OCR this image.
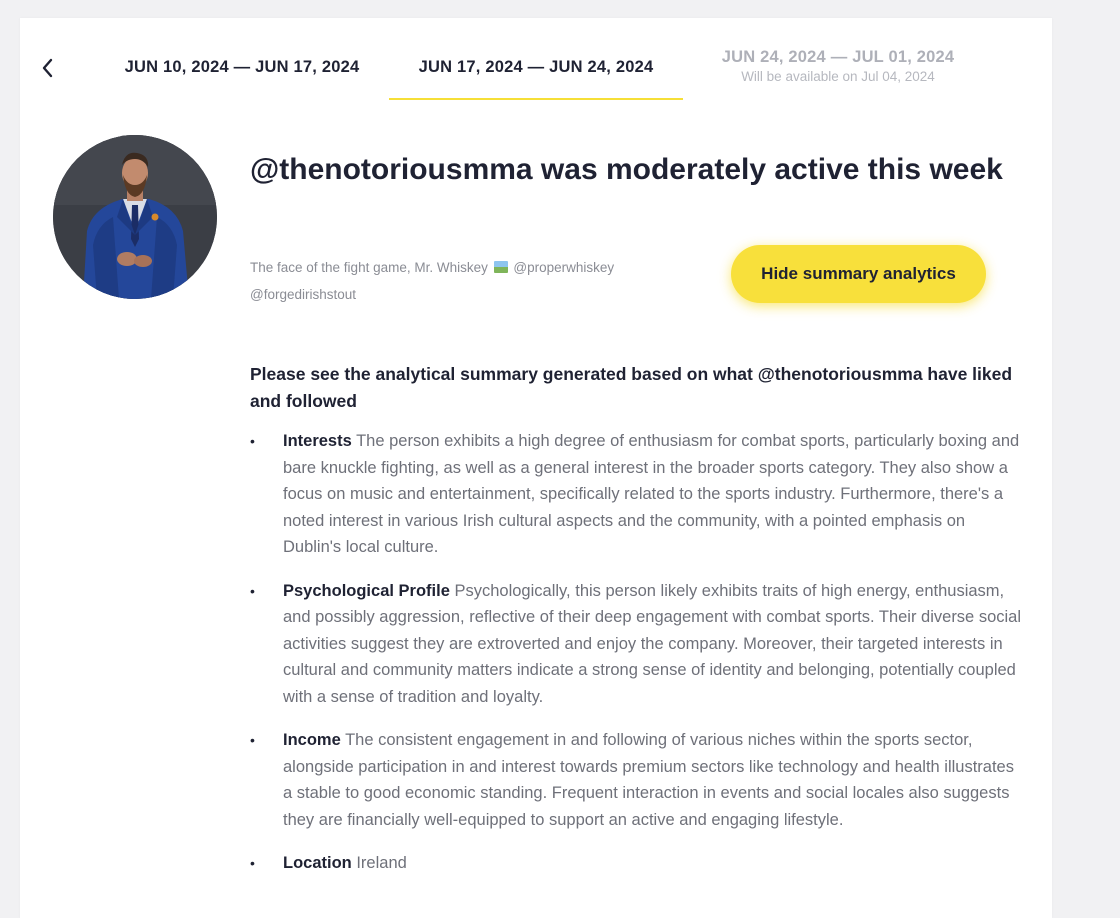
JUN 10, 2024 — JUN 17, 2024	JUN 17, 2024 — JUN 24, 2024
JUN 24, 2024 — JUL 01, 2024
Will be available on Jul 04, 2024
@thenotoriousmma was moderately active this week
The face of the fight game, Mr. Whiskey @properwhiskey @forgedirishstout
Hide summary analytics

Please see the analytical summary generated based on what @thenotoriousmma have liked and followed

• Interests The person exhibits a high degree of enthusiasm for combat sports, particularly boxing and bare knuckle fighting, as well as a general interest in the broader sports category. They also show a focus on music and entertainment, specifically related to the sports industry. Furthermore, there's a noted interest in various Irish cultural aspects and the community, with a pointed emphasis on Dublin's local culture.
• Psychological Profile Psychologically, this person likely exhibits traits of high energy, enthusiasm, and possibly aggression, reflective of their deep engagement with combat sports. Their diverse social activities suggest they are extroverted and enjoy the company. Moreover, their targeted interests in cultural and community matters indicate a strong sense of identity and belonging, potentially coupled with a sense of tradition and loyalty.
• Income The consistent engagement in and following of various niches within the sports sector, alongside participation in and interest towards premium sectors like technology and health illustrates a stable to good economic standing. Frequent interaction in events and social locales also suggests they are financially well-equipped to support an active and engaging lifestyle.
• Location Ireland
